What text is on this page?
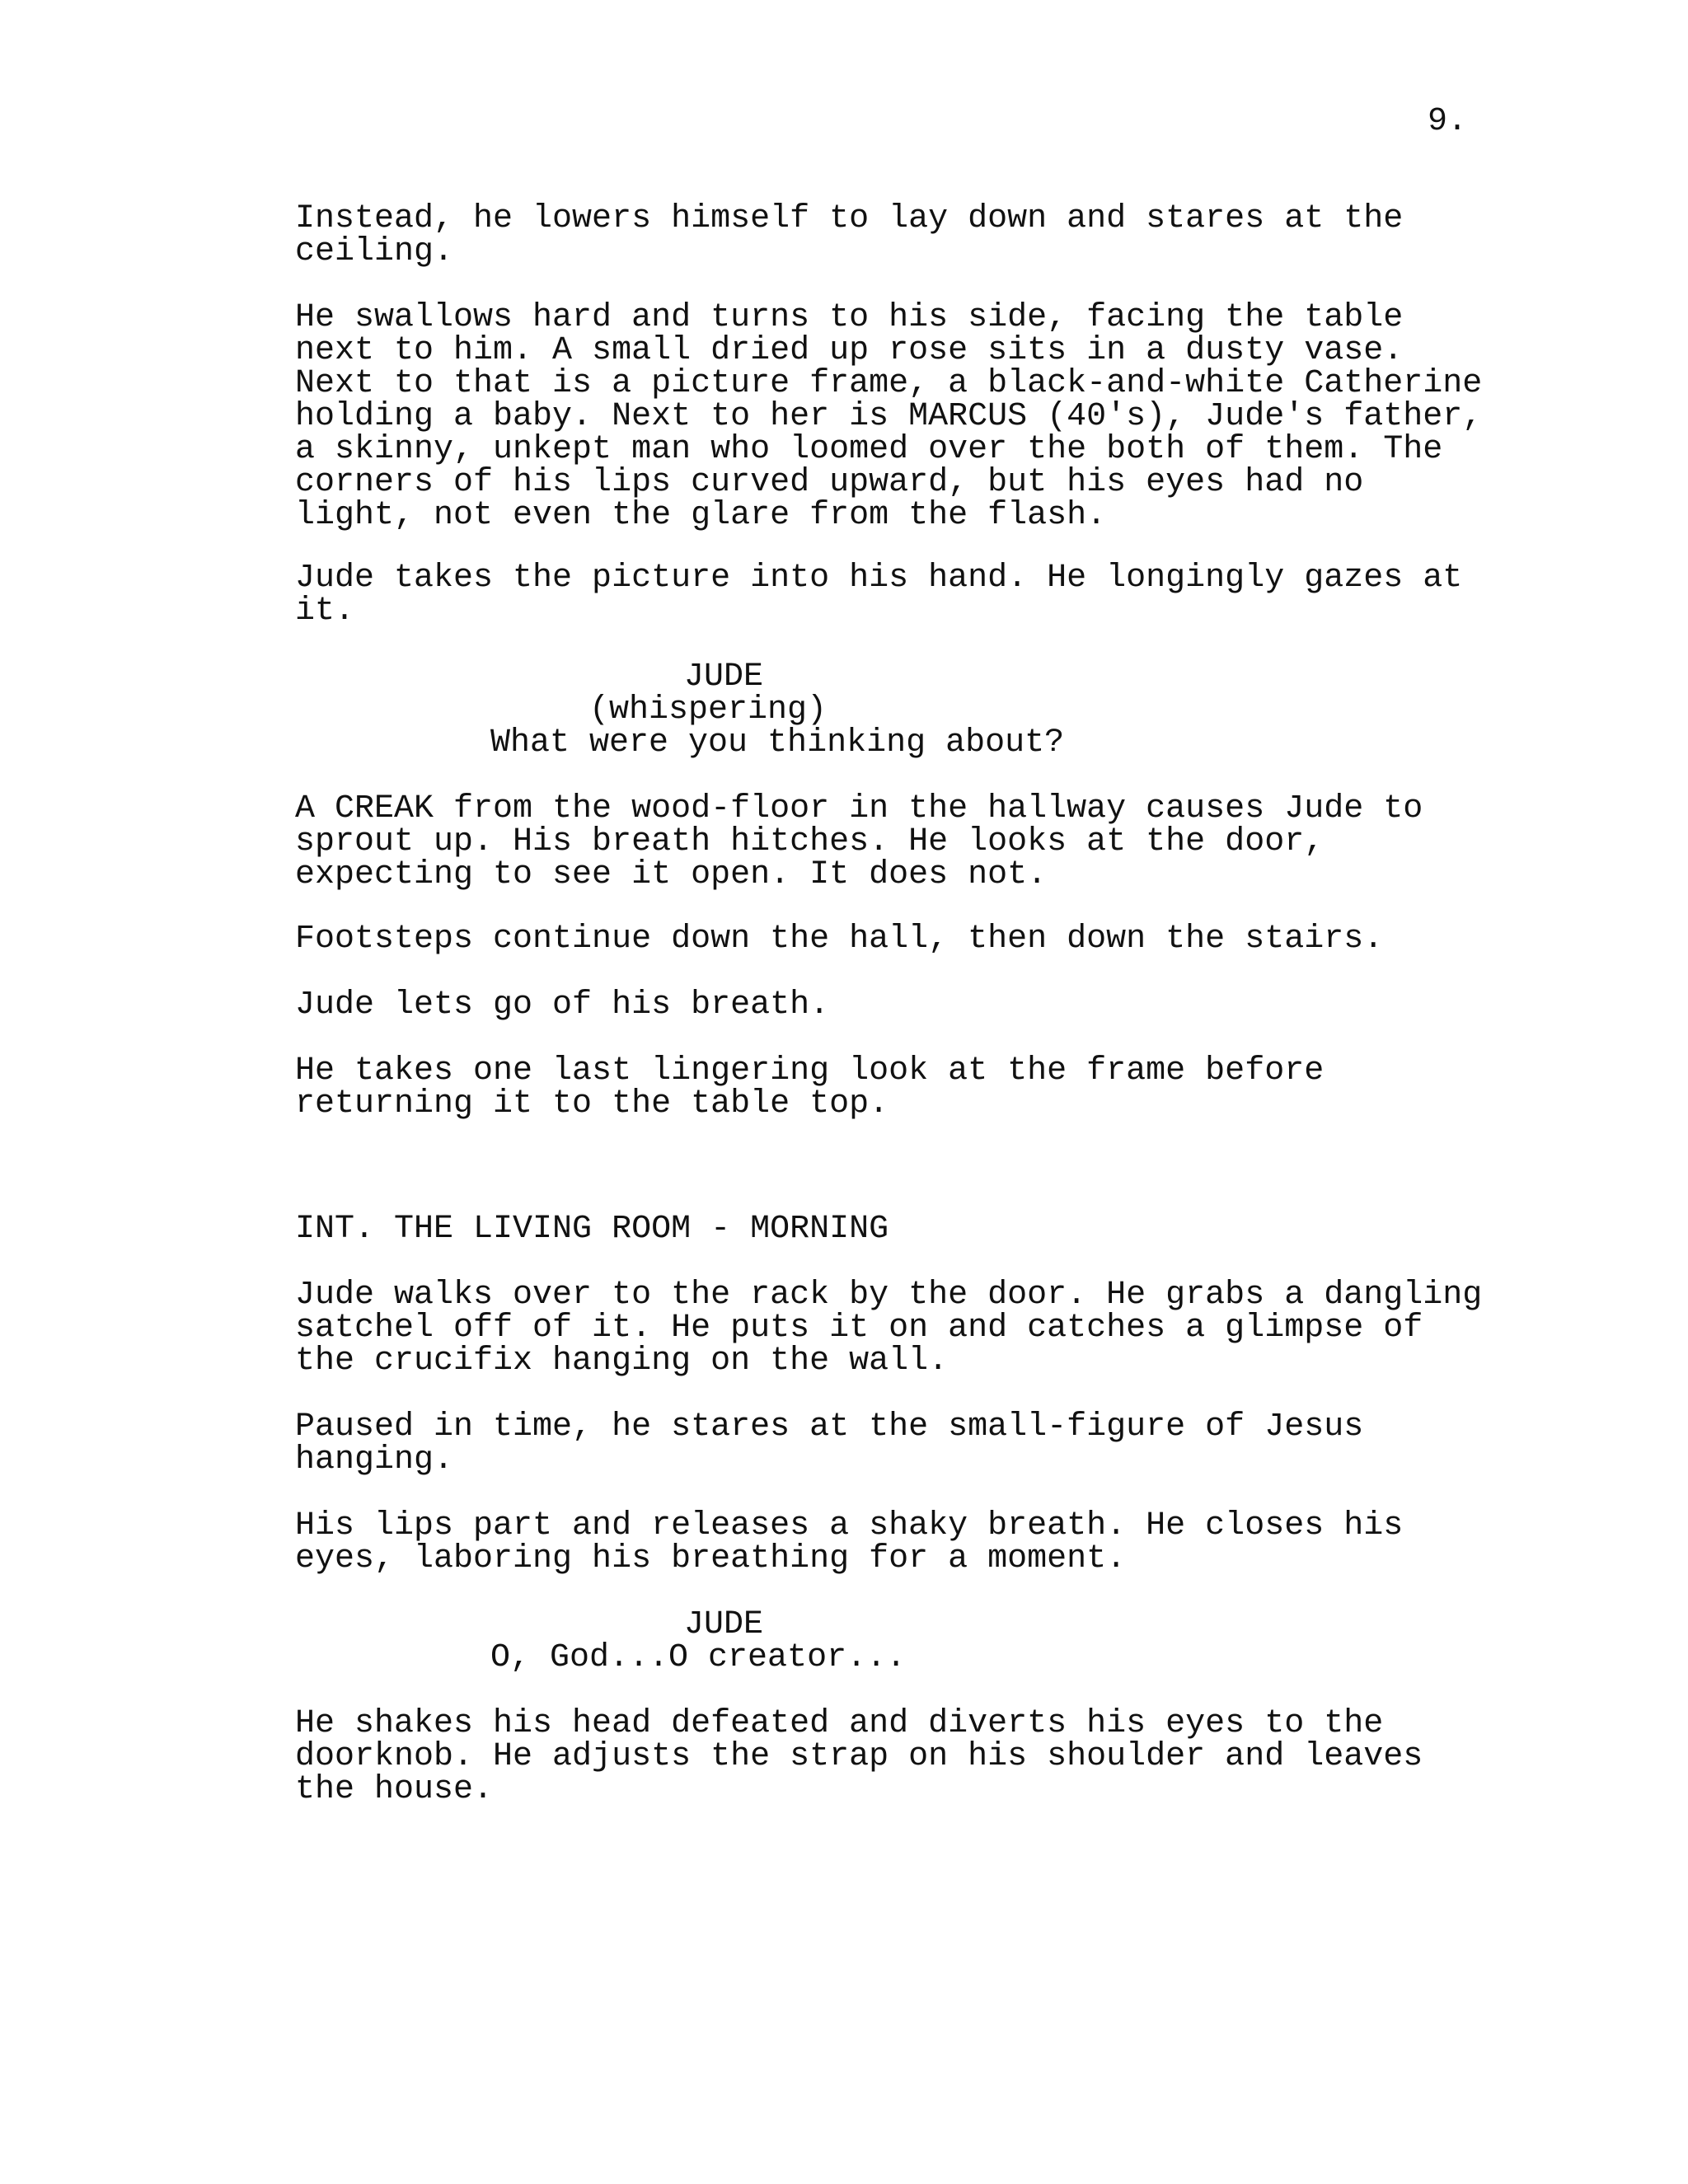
9.
Instead, he lowers himself to lay down and stares at the
ceiling.
He swallows hard and turns to his side, facing the table
next to him. A small dried up rose sits in a dusty vase.
Next to that is a picture frame, a black-and-white Catherine
holding a baby. Next to her is MARCUS (40's), Jude's father,
a skinny, unkept man who loomed over the both of them. The
corners of his lips curved upward, but his eyes had no
light, not even the glare from the flash.
Jude takes the picture into his hand. He longingly gazes at
it.
JUDE
(whispering)
What were you thinking about?
A CREAK from the wood-floor in the hallway causes Jude to
sprout up. His breath hitches. He looks at the door,
expecting to see it open. It does not.
Footsteps continue down the hall, then down the stairs.
Jude lets go of his breath.
He takes one last lingering look at the frame before
returning it to the table top.
INT. THE LIVING ROOM - MORNING
Jude walks over to the rack by the door. He grabs a dangling
satchel off of it. He puts it on and catches a glimpse of
the crucifix hanging on the wall.
Paused in time, he stares at the small-figure of Jesus
hanging.
His lips part and releases a shaky breath. He closes his
eyes, laboring his breathing for a moment.
JUDE
O, God...O creator...
He shakes his head defeated and diverts his eyes to the
doorknob. He adjusts the strap on his shoulder and leaves
the house.
